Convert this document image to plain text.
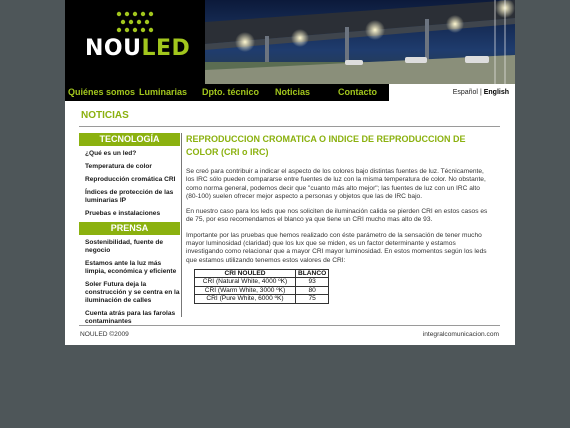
NOULED
Quiénes somos Luminarias Dpto. técnico Noticias	Contacto	Español | English
NOTICIAS
TECNOLOGÍA
¿Qué es un led?
Temperatura de color
Reproducción cromática CRI
Índices de protección de las luminarias IP
Pruebas e instalaciones
PRENSA
Sostenibilidad, fuente de negocio
Estamos ante la luz más limpia, económica y eficiente
Soler Futura deja la construcción y se centra en la iluminación de calles
Cuenta atrás para las farolas contaminantes
REPRODUCCION CROMATICA O INDICE DE REPRODUCCION DE COLOR (CRI o IRC)

Se creó para contribuir a indicar el aspecto de los colores bajo distintas fuentes de luz. Técnicamente, los IRC sólo pueden compararse entre fuentes de luz con la misma temperatura de color. No obstante, como norma general, podemos decir que "cuanto más alto mejor"; las fuentes de luz con un IRC alto (80-100) suelen ofrecer mejor aspecto a personas y objetos que las de IRC bajo.

En nuestro caso para los leds que nos soliciten de iluminación calida se pierden CRI en estos casos es de 75, por eso recomendamos el blanco ya que tiene un CRI mucho mas alto de 93.

Importante por las pruebas que hemos realizado con éste parámetro de la sensación de tener mucho mayor luminosidad (claridad) que los lux que se miden, es un factor determinante y estamos investigando como relacionar que a mayor CRI mayor luminosidad. En estos momentos según los leds que estamos utilizando tenemos estos valores de CRI:

CRI NOULED	BLANCO
CRI (Natural White, 4000 ºK)	93
CRI (Warm White, 3000 ºK)	80
CRI (Pure White, 6000 ºK)	75
NOULED ©2009	integralcomunicacion.com
